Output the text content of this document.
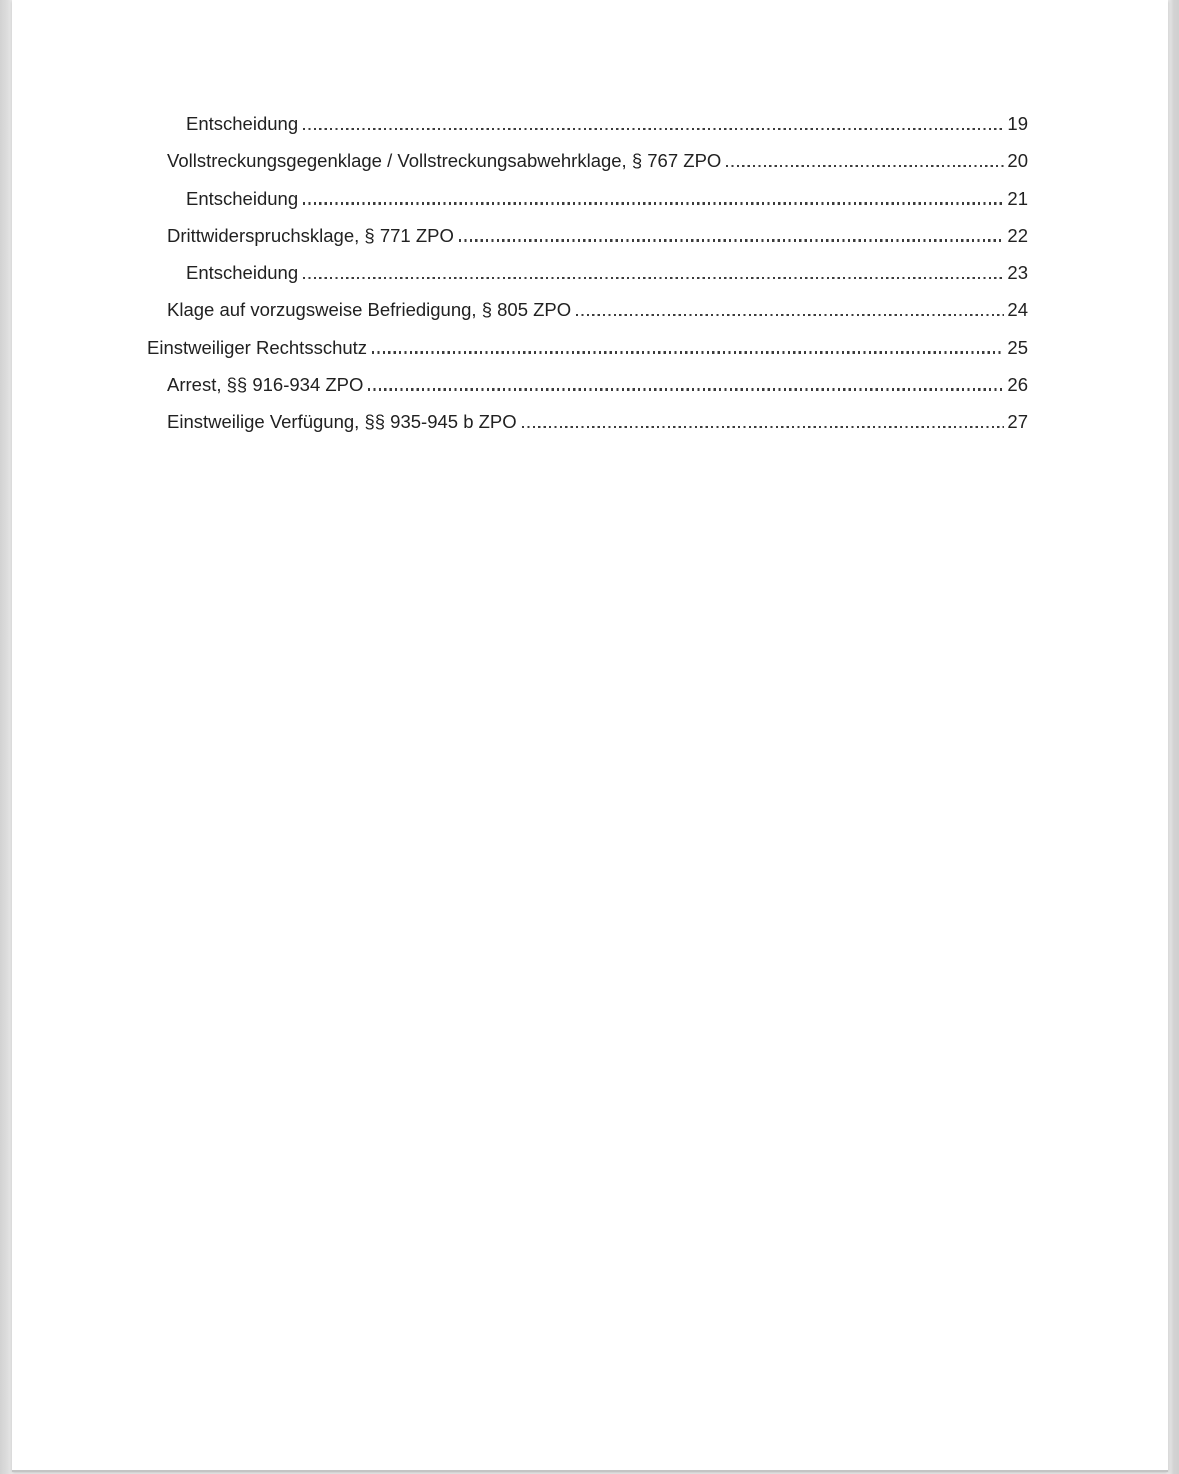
Entscheidung	19
Vollstreckungsgegenklage / Vollstreckungsabwehrklage, § 767 ZPO	20
Entscheidung	21
Drittwiderspruchsklage, § 771 ZPO	22
Entscheidung	23
Klage auf vorzugsweise Befriedigung, § 805 ZPO	24
Einstweiliger Rechtsschutz	25
Arrest, §§ 916-934 ZPO	26
Einstweilige Verfügung, §§ 935-945 b ZPO	27
